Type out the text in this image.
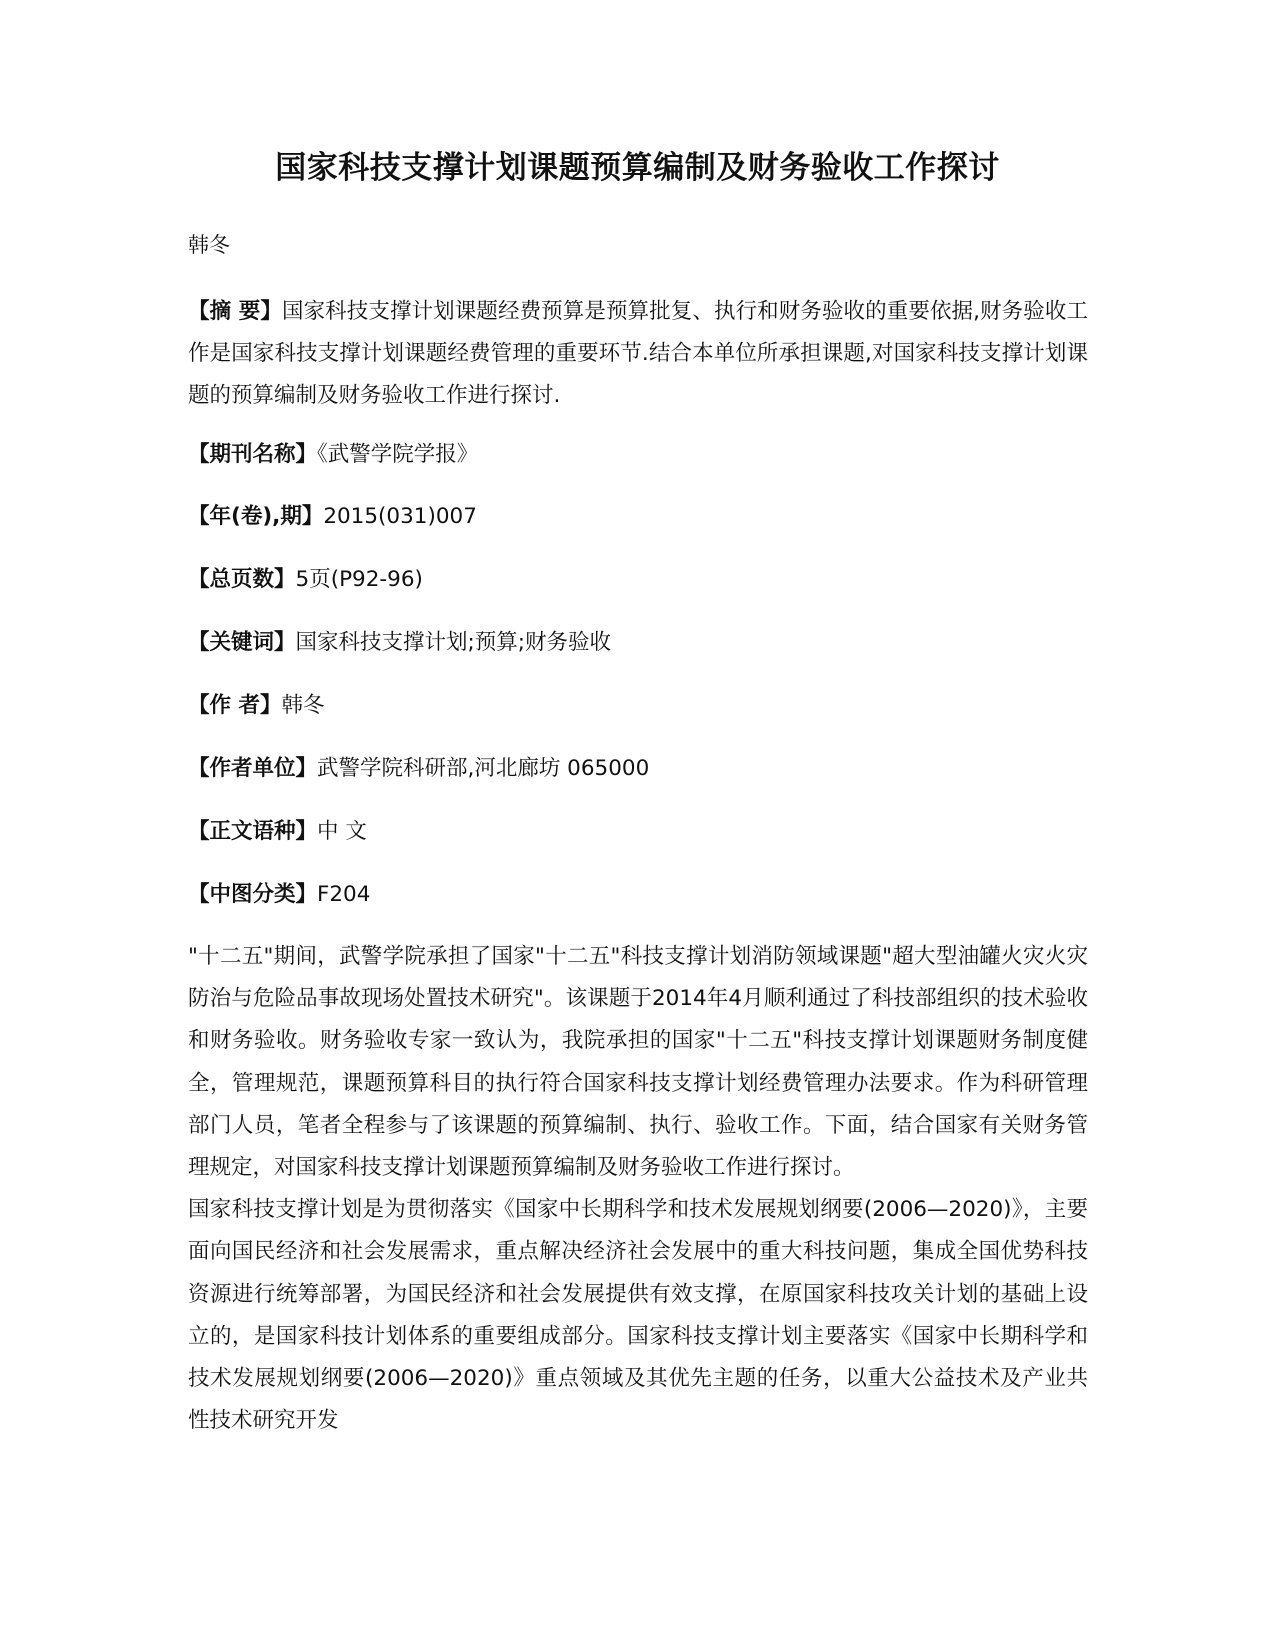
国家科技支撑计划课题预算编制及财务验收工作探讨

韩冬

【摘 要】国家科技支撑计划课题经费预算是预算批复、执行和财务验收的重要依据,财务验收工作是国家科技支撑计划课题经费管理的重要环节.结合本单位所承担课题,对国家科技支撑计划课题的预算编制及财务验收工作进行探讨.

【期刊名称】《武警学院学报》

【年(卷),期】2015(031)007

【总页数】5页(P92-96)

【关键词】国家科技支撑计划;预算;财务验收

【作 者】韩冬

【作者单位】武警学院科研部,河北廊坊 065000

【正文语种】中 文

【中图分类】F204

"十二五"期间，武警学院承担了国家"十二五"科技支撑计划消防领域课题"超大型油罐火灾火灾防治与危险品事故现场处置技术研究"。该课题于2014年4月顺利通过了科技部组织的技术验收和财务验收。财务验收专家一致认为，我院承担的国家"十二五"科技支撑计划课题财务制度健全，管理规范，课题预算科目的执行符合国家科技支撑计划经费管理办法要求。作为科研管理部门人员，笔者全程参与了该课题的预算编制、执行、验收工作。下面，结合国家有关财务管理规定，对国家科技支撑计划课题预算编制及财务验收工作进行探讨。

国家科技支撑计划是为贯彻落实《国家中长期科学和技术发展规划纲要(2006—2020)》，主要面向国民经济和社会发展需求，重点解决经济社会发展中的重大科技问题，集成全国优势科技资源进行统筹部署，为国民经济和社会发展提供有效支撑，在原国家科技攻关计划的基础上设立的，是国家科技计划体系的重要组成部分。国家科技支撑计划主要落实《国家中长期科学和技术发展规划纲要(2006—2020)》重点领域及其优先主题的任务，以重大公益技术及产业共性技术研究开发
